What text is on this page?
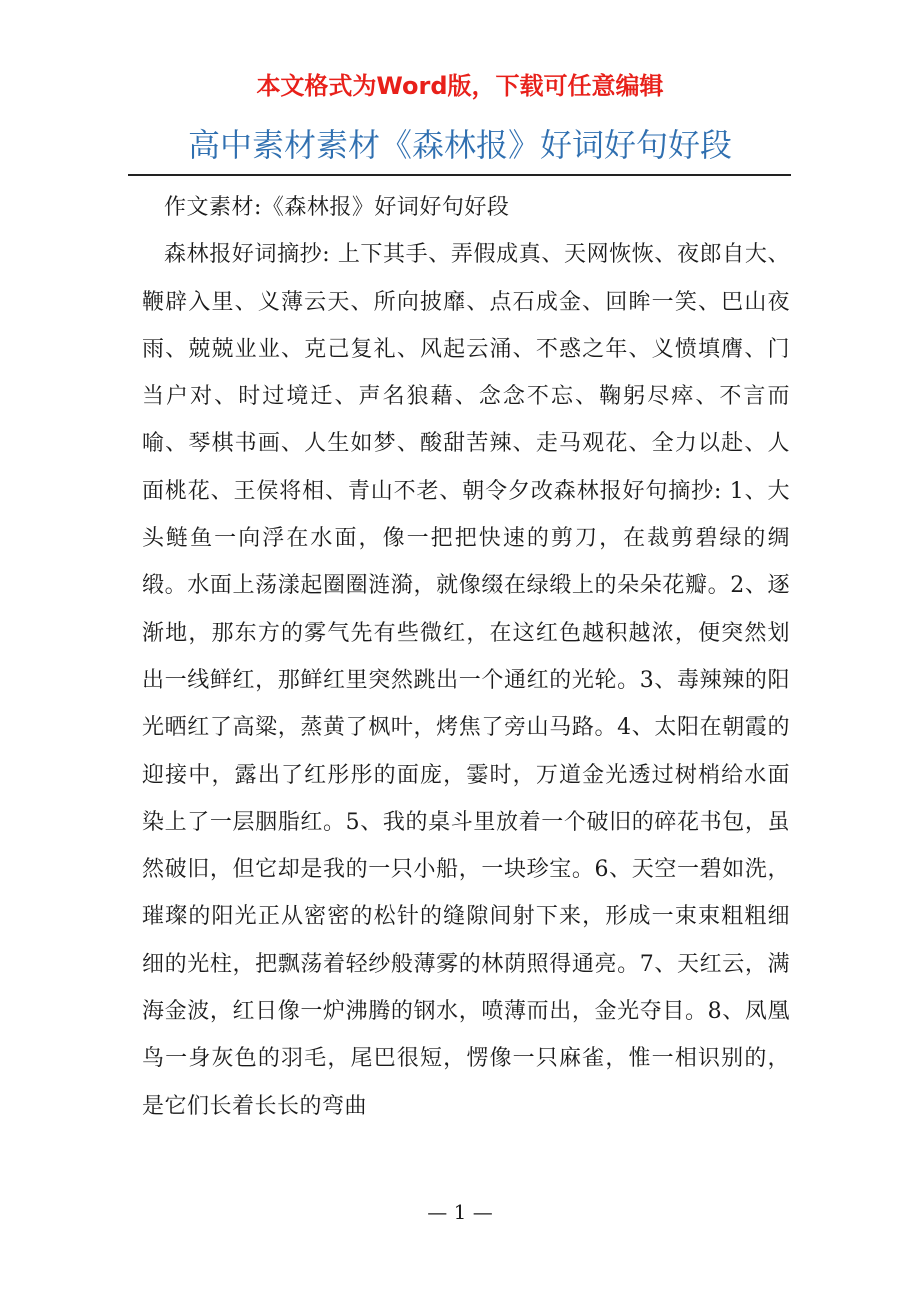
本文格式为Word版，下载可任意编辑
高中素材素材《森林报》好词好句好段

作文素材:《森林报》好词好句好段

森林报好词摘抄: 上下其手、弄假成真、天网恢恢、夜郎自大、鞭辟入里、义薄云天、所向披靡、点石成金、回眸一笑、巴山夜雨、兢兢业业、克己复礼、风起云涌、不惑之年、义愤填膺、门当户对、时过境迁、声名狼藉、念念不忘、鞠躬尽瘁、不言而喻、琴棋书画、人生如梦、酸甜苦辣、走马观花、全力以赴、人面桃花、王侯将相、青山不老、朝令夕改森林报好句摘抄: 1、大头鲢鱼一向浮在水面，像一把把快速的剪刀，在裁剪碧绿的绸缎。水面上荡漾起圈圈涟漪，就像缀在绿缎上的朵朵花瓣。2、逐渐地，那东方的雾气先有些微红，在这红色越积越浓，便突然划出一线鲜红，那鲜红里突然跳出一个通红的光轮。3、毒辣辣的阳光晒红了高粱，蒸黄了枫叶，烤焦了旁山马路。4、太阳在朝霞的迎接中，露出了红彤彤的面庞，霎时，万道金光透过树梢给水面染上了一层胭脂红。5、我的桌斗里放着一个破旧的碎花书包，虽然破旧，但它却是我的一只小船，一块珍宝。6、天空一碧如洗，璀璨的阳光正从密密的松针的缝隙间射下来，形成一束束粗粗细细的光柱，把飘荡着轻纱般薄雾的林荫照得通亮。7、天红云，满海金波，红日像一炉沸腾的钢水，喷薄而出，金光夺目。8、凤凰鸟一身灰色的羽毛，尾巴很短，愣像一只麻雀，惟一相识别的，是它们长着长长的弯曲

— 1 —
